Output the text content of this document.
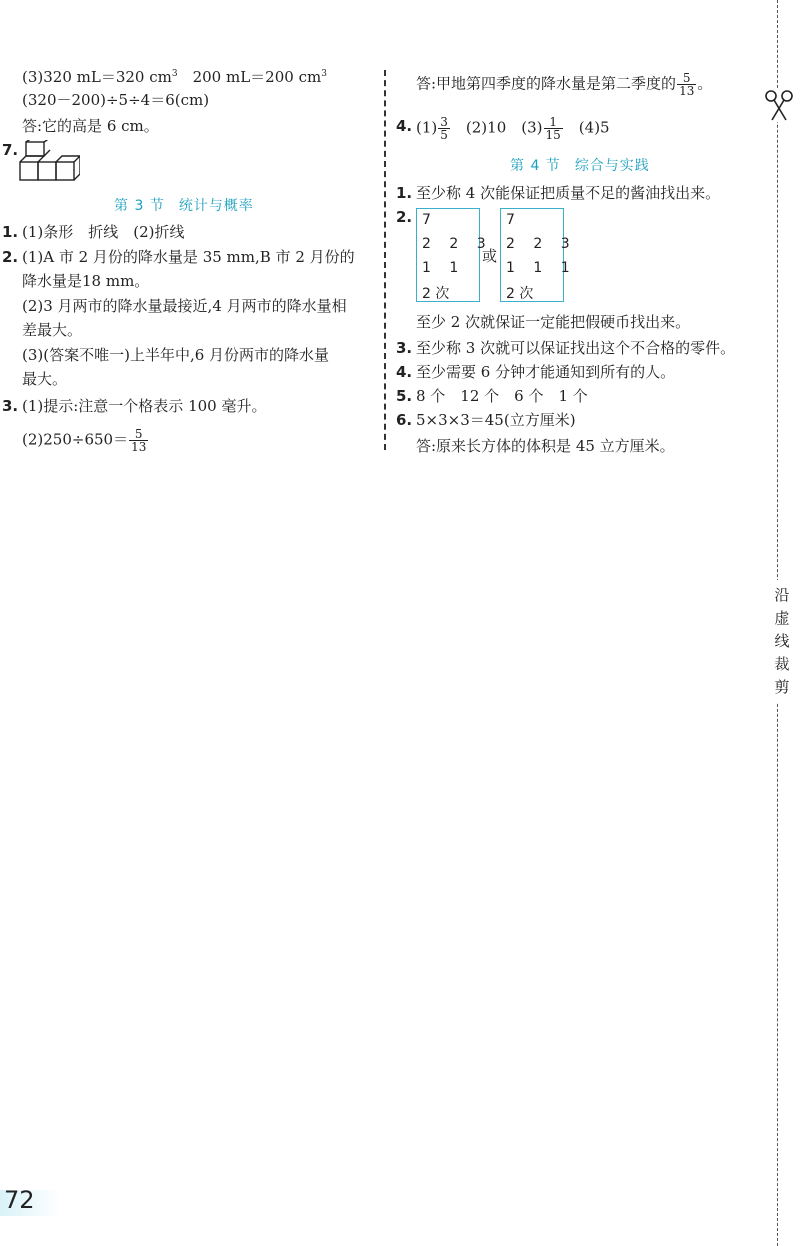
(3)320 mL＝320 $cm^3$　200 mL＝200 $cm^3$
(320－200)÷5÷4＝6(cm)
答:它的高是 6 cm。
7.
第 3 节 统计与概率
1. (1)条形　折线　(2)折线
2. (1)A 市 2 月份的降水量是 35 mm,B 市 2 月份的
降水量是18 mm。
(2)3 月两市的降水量最接近,4 月两市的降水量相
差最大。
(3)(答案不唯一)上半年中,6 月份两市的降水量
最大。
3. (1)提示:注意一个格表示 100 毫升。
$(2)250\div 650= \frac{5}{13}$
答:甲地第四季度的降水量是第二季度的 $\frac{5}{13}$ 。
4. $(1) \frac{3}{5}$
　 (2)10　$(3) \frac{1}{15}$
　 (4)5
第 4 节 综合与实践
1. 至少称 4 次能保证把质量不足的酱油找出来。
2. 7
2 2 3
1 1
2 次
或
7
2 2 3
1 1 1
2 次
至少 2 次就保证一定能把假硬币找出来。
3. 至少称 3 次就可以保证找出这个不合格的零件。
4. 至少需要 6 分钟才能通知到所有的人。
5. 8 个　12 个　6 个　1 个
6. 5×3×3＝45(立方厘米)
答:原来长方体的体积是 45 立方厘米。
沿
虚
线
裁
剪
72
